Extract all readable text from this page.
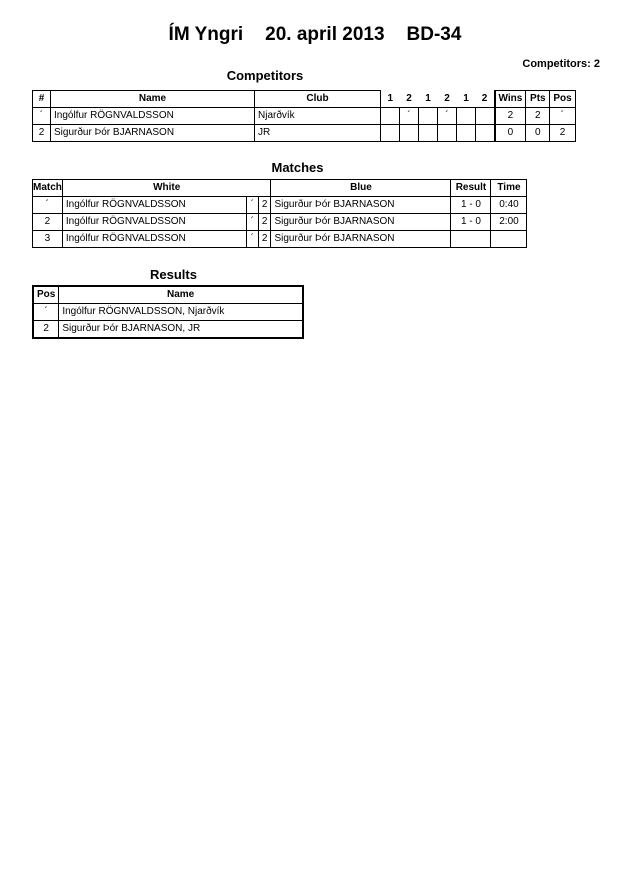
ÍM Yngri 20. april 2013 BD-34
Competitors: 2
Competitors
#	Name	Club	1	2	1	2	1	2	Wins	Pts	Pos
´	Ingólfur RÖGNVALDSSON	Njarðvík		´		´			2	2	´
2	Sigurður Þór BJARNASON	JR							0	0	2
Matches
Match	White			Blue	Result	Time
´	Ingólfur RÖGNVALDSSON	´	2	Sigurður Þór BJARNASON	1 - 0	0:40
2	Ingólfur RÖGNVALDSSON	´	2	Sigurður Þór BJARNASON	1 - 0	2:00
3	Ingólfur RÖGNVALDSSON	´	2	Sigurður Þór BJARNASON		
Results
Pos	Name
´	Ingólfur RÖGNVALDSSON, Njarðvík
2	Sigurður Þór BJARNASON, JR
